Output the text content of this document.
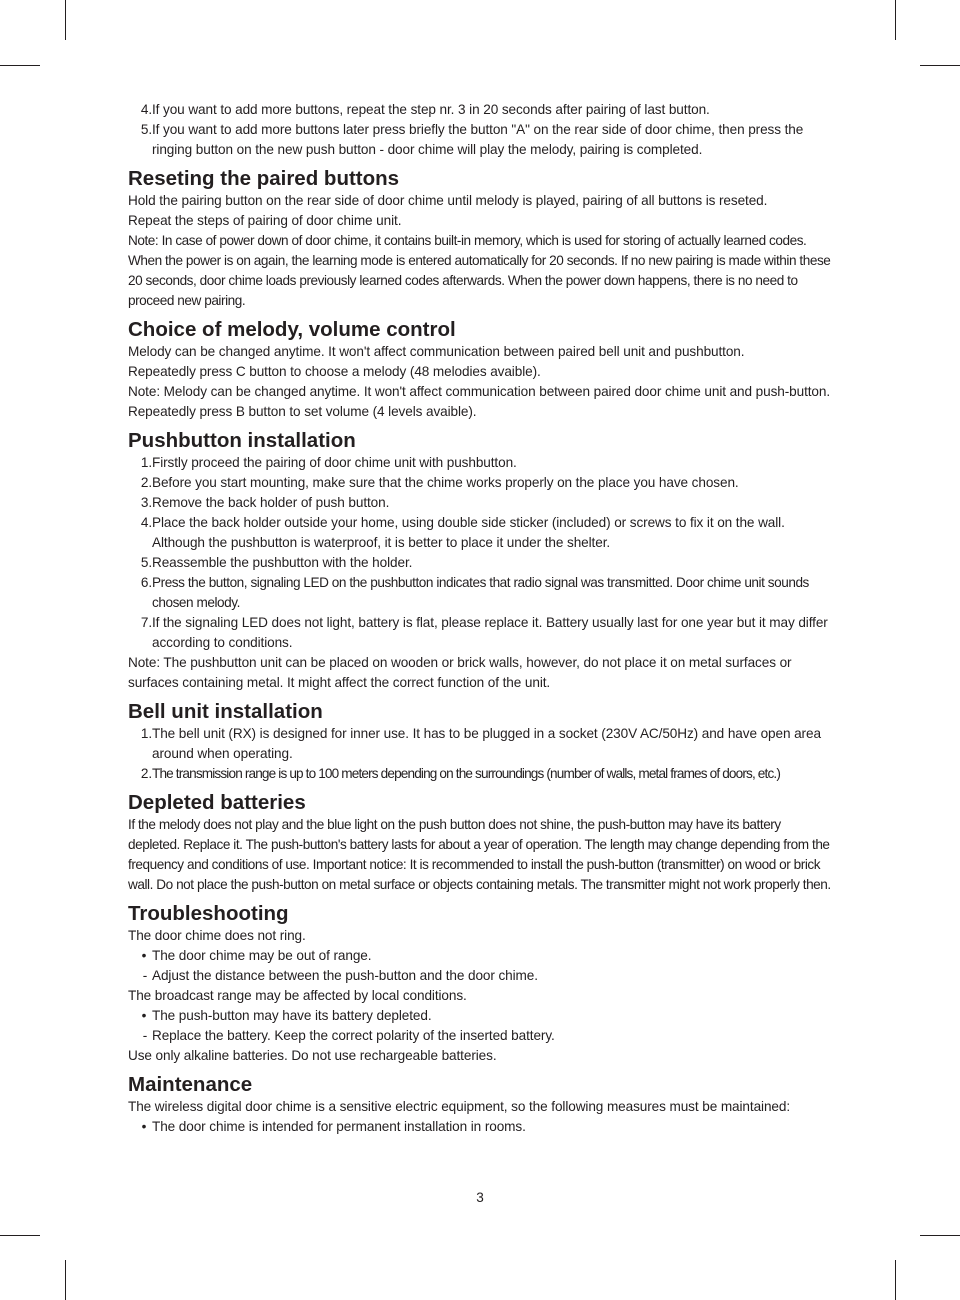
4. If you want to add more buttons, repeat the step nr. 3 in 20 seconds after pairing of last button.
5. If you want to add more buttons later press briefly the button "A" on the rear side of door chime, then press the ringing button on the new push button - door chime will play the melody, pairing is completed.
Reseting the paired buttons

Hold the pairing button on the rear side of door chime until melody is played, pairing of all buttons is reseted.

Repeat the steps of pairing of door chime unit.

Note: In case of power down of door chime, it contains built-in memory, which is used for storing of actually learned codes. When the power is on again, the learning mode is entered automatically for 20 seconds. If no new pairing is made within these 20 seconds, door chime loads previously learned codes afterwards. When the power down happens, there is no need to proceed new pairing.

Choice of melody, volume control

Melody can be changed anytime. It won't affect communication between paired bell unit and pushbutton.

Repeatedly press C button to choose a melody (48 melodies avaible).

Note: Melody can be changed anytime. It won't affect communication between paired door chime unit and push-button. Repeatedly press B button to set volume (4 levels avaible).

Pushbutton installation
1. Firstly proceed the pairing of door chime unit with pushbutton.
2. Before you start mounting, make sure that the chime works properly on the place you have chosen.
3. Remove the back holder of push button.
4. Place the back holder outside your home, using double side sticker (included) or screws to fix it on the wall. Although the pushbutton is waterproof, it is better to place it under the shelter.
5. Reassemble the pushbutton with the holder.
6. Press the button, signaling LED on the pushbutton indicates that radio signal was transmitted. Door chime unit sounds chosen melody.
7. If the signaling LED does not light, battery is flat, please replace it. Battery usually last for one year but it may differ according to conditions.

Note: The pushbutton unit can be placed on wooden or brick walls, however, do not place it on metal surfaces or surfaces containing metal. It might affect the correct function of the unit.

Bell unit installation
1. The bell unit (RX) is designed for inner use. It has to be plugged in a socket (230V AC/50Hz) and have open area around when operating.
2. The transmission range is up to 100 meters depending on the surroundings (number of walls, metal frames of doors, etc.)
Depleted batteries

If the melody does not play and the blue light on the push button does not shine, the push-button may have its battery depleted. Replace it. The push-button's battery lasts for about a year of operation. The length may change depending from the frequency and conditions of use. Important notice: It is recommended to install the push-button (transmitter) on wood or brick wall. Do not place the push-button on metal surface or objects containing metals. The transmitter might not work properly then.

Troubleshooting

The door chime does not ring.

• The door chime may be out of range.
- Adjust the distance between the push-button and the door chime.

The broadcast range may be affected by local conditions.

• The push-button may have its battery depleted.
- Replace the battery. Keep the correct polarity of the inserted battery.

Use only alkaline batteries. Do not use rechargeable batteries.

Maintenance

The wireless digital door chime is a sensitive electric equipment, so the following measures must be maintained:

• The door chime is intended for permanent installation in rooms.
3
